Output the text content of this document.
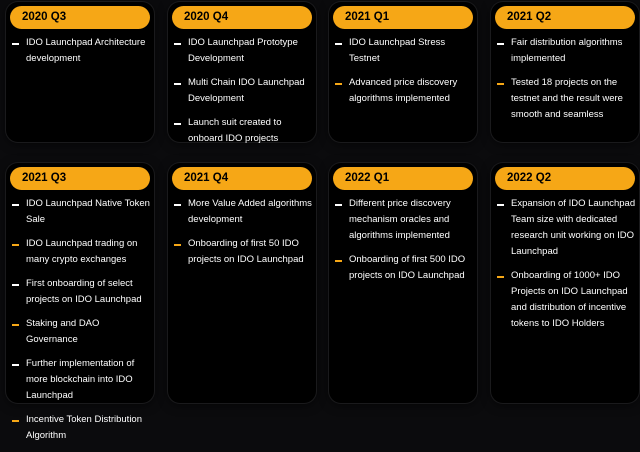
2020 Q3
IDO Launchpad Architecture development
2020 Q4
IDO Launchpad Prototype Development
Multi Chain IDO Launchpad Development
Launch suit created to onboard IDO projects
2021 Q1
IDO Launchpad Stress Testnet
Advanced price discovery algorithms implemented
2021 Q2
Fair distribution algorithms implemented
Tested 18 projects on the testnet and the result were smooth and seamless
2021 Q3
IDO Launchpad Native Token Sale
IDO Launchpad trading on many crypto exchanges
First onboarding of select projects on IDO Launchpad
Staking and DAO Governance
Further implementation of more blockchain into IDO Launchpad
Incentive Token Distribution Algorithm
2021 Q4
More Value Added algorithms development
Onboarding of first 50 IDO projects on IDO Launchpad
2022 Q1
Different price discovery mechanism oracles and algorithms implemented
Onboarding of first 500 IDO projects on IDO Launchpad
2022 Q2
Expansion of IDO Launchpad Team size with dedicated research unit working on IDO Launchpad
Onboarding of 1000+ IDO Projects on IDO Launchpad and distribution of incentive tokens to IDO Holders
